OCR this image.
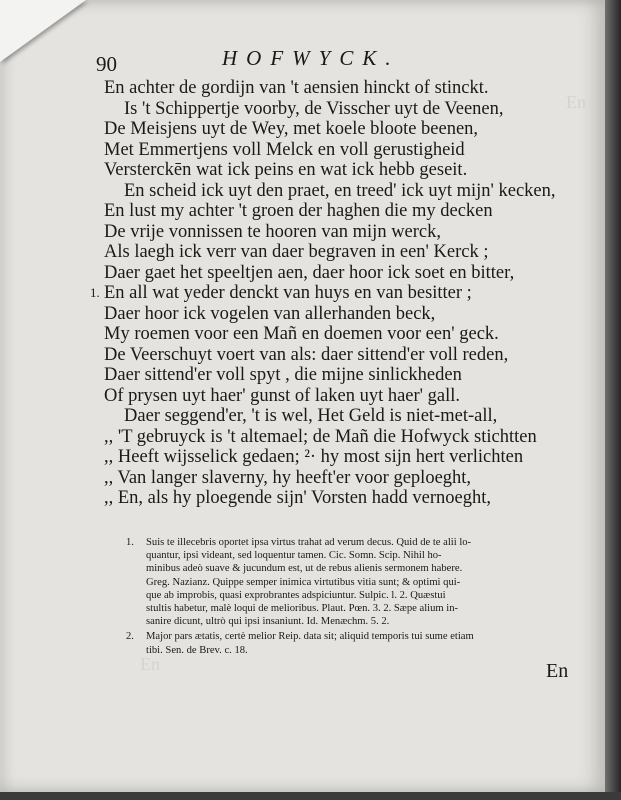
En
En
90	HOFWYCK.
En achter de gordijn van 't aensien hinckt of stinckt.
Is 't Schippertje voorby, de Visscher uyt de Veenen,
De Meisjens uyt de Wey, met koele bloote beenen,
Met Emmertjens voll Melck en voll gerustigheid
Versterckēn wat ick peins en wat ick hebb geseit.
En scheid ick uyt den praet, en treed' ick uyt mijn' kecken,
En lust my achter 't groen der haghen die my decken
De vrije vonnissen te hooren van mijn werck,
Als laegh ick verr van daer begraven in een' Kerck ;
Daer gaet het speeltjen aen, daer hoor ick soet en bitter,
1. En all wat yeder denckt van huys en van besitter ;
Daer hoor ick vogelen van allerhanden beck,
My roemen voor een Mañ en doemen voor een' geck.
De Veerschuyt voert van als: daer sittend'er voll reden,
Daer sittend'er voll spyt , die mijne sinlickheden
Of prysen uyt haer' gunst of laken uyt haer' gall.
Daer seggend'er, 't is wel, Het Geld is niet-met-all,
,, 'T gebruyck is 't altemael; de Mañ die Hofwyck stichtten
,, Heeft wijsselick gedaen; ²· hy most sijn hert verlichten
,, Van langer slaverny, hy heeft'er voor geploeght,
,, En, als hy ploegende sijn' Vorsten hadd vernoeght,
1. Suis te illecebris oportet ipsa virtus trahat ad verum decus. Quid de te alii lo-
quantur, ipsi videant, sed loquentur tamen. Cic. Somn. Scip. Nihil ho-
minibus adeò suave & jucundum est, ut de rebus alienis sermonem habere.
Greg. Nazianz. Quippe semper inimica virtutibus vitia sunt; & optimi qui-
que ab improbis, quasi exprobrantes adspiciuntur. Sulpic. l. 2. Quæstui
stultis habetur, malè loqui de melioribus. Plaut. Pœn. 3. 2. Sæpe alium in-
sanire dicunt, ultrò qui ipsi insaniunt. Id. Menæchm. 5. 2.
2. Major pars ætatis, certè melior Reip. data sit; aliquid temporis tui sume etiam
tibi. Sen. de Brev. c. 18.
En
